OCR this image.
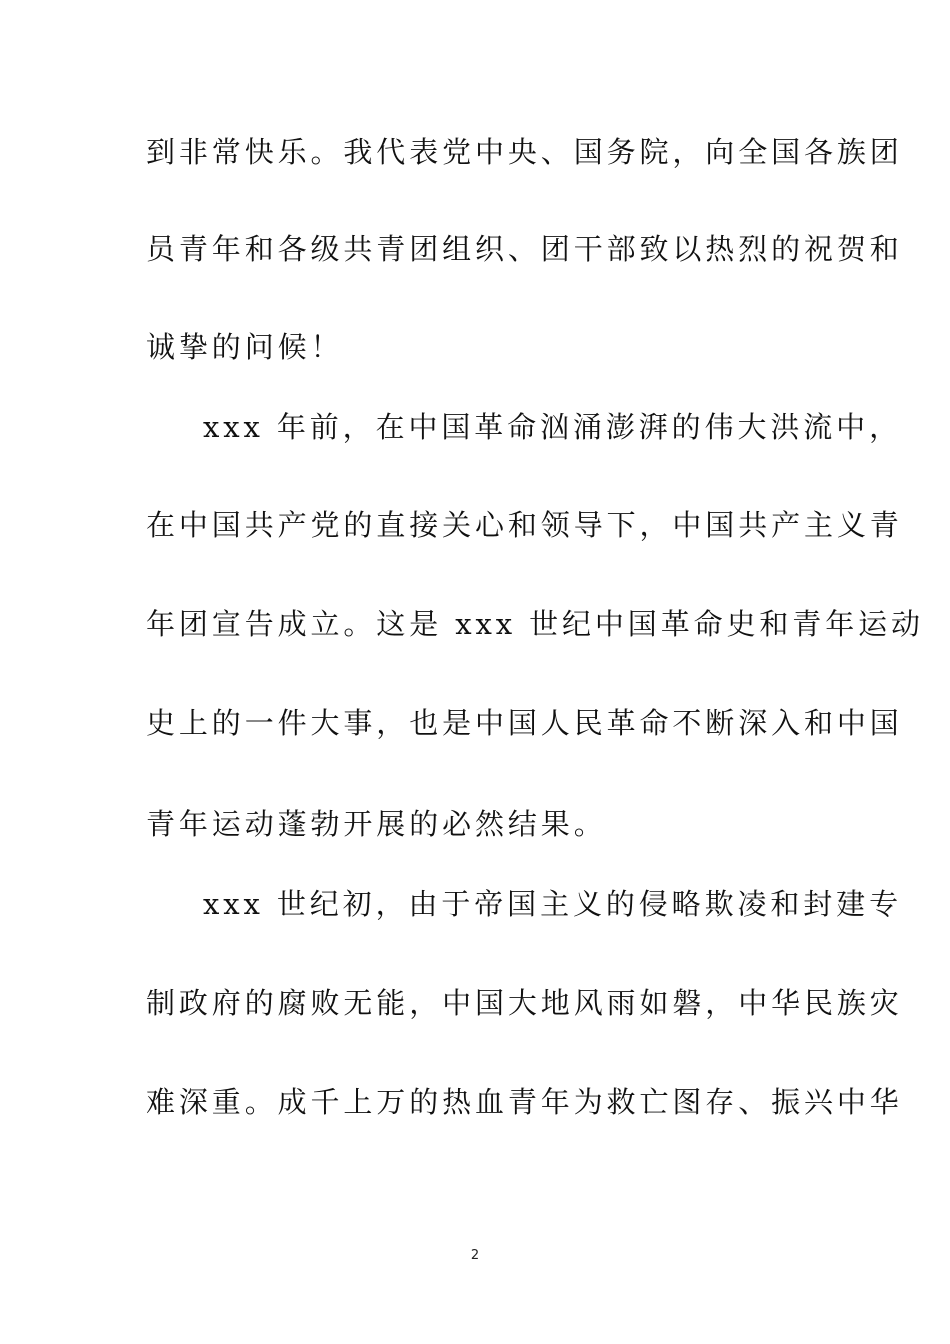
到非常快乐。我代表党中央、国务院，向全国各族团
员青年和各级共青团组织、团干部致以热烈的祝贺和
诚挚的问候！
xxx 年前，在中国革命汹涌澎湃的伟大洪流中，
在中国共产党的直接关心和领导下，中国共产主义青
年团宣告成立。这是 xxx 世纪中国革命史和青年运动
史上的一件大事，也是中国人民革命不断深入和中国
青年运动蓬勃开展的必然结果。
xxx 世纪初，由于帝国主义的侵略欺凌和封建专
制政府的腐败无能，中国大地风雨如磐，中华民族灾
难深重。成千上万的热血青年为救亡图存、振兴中华
2
